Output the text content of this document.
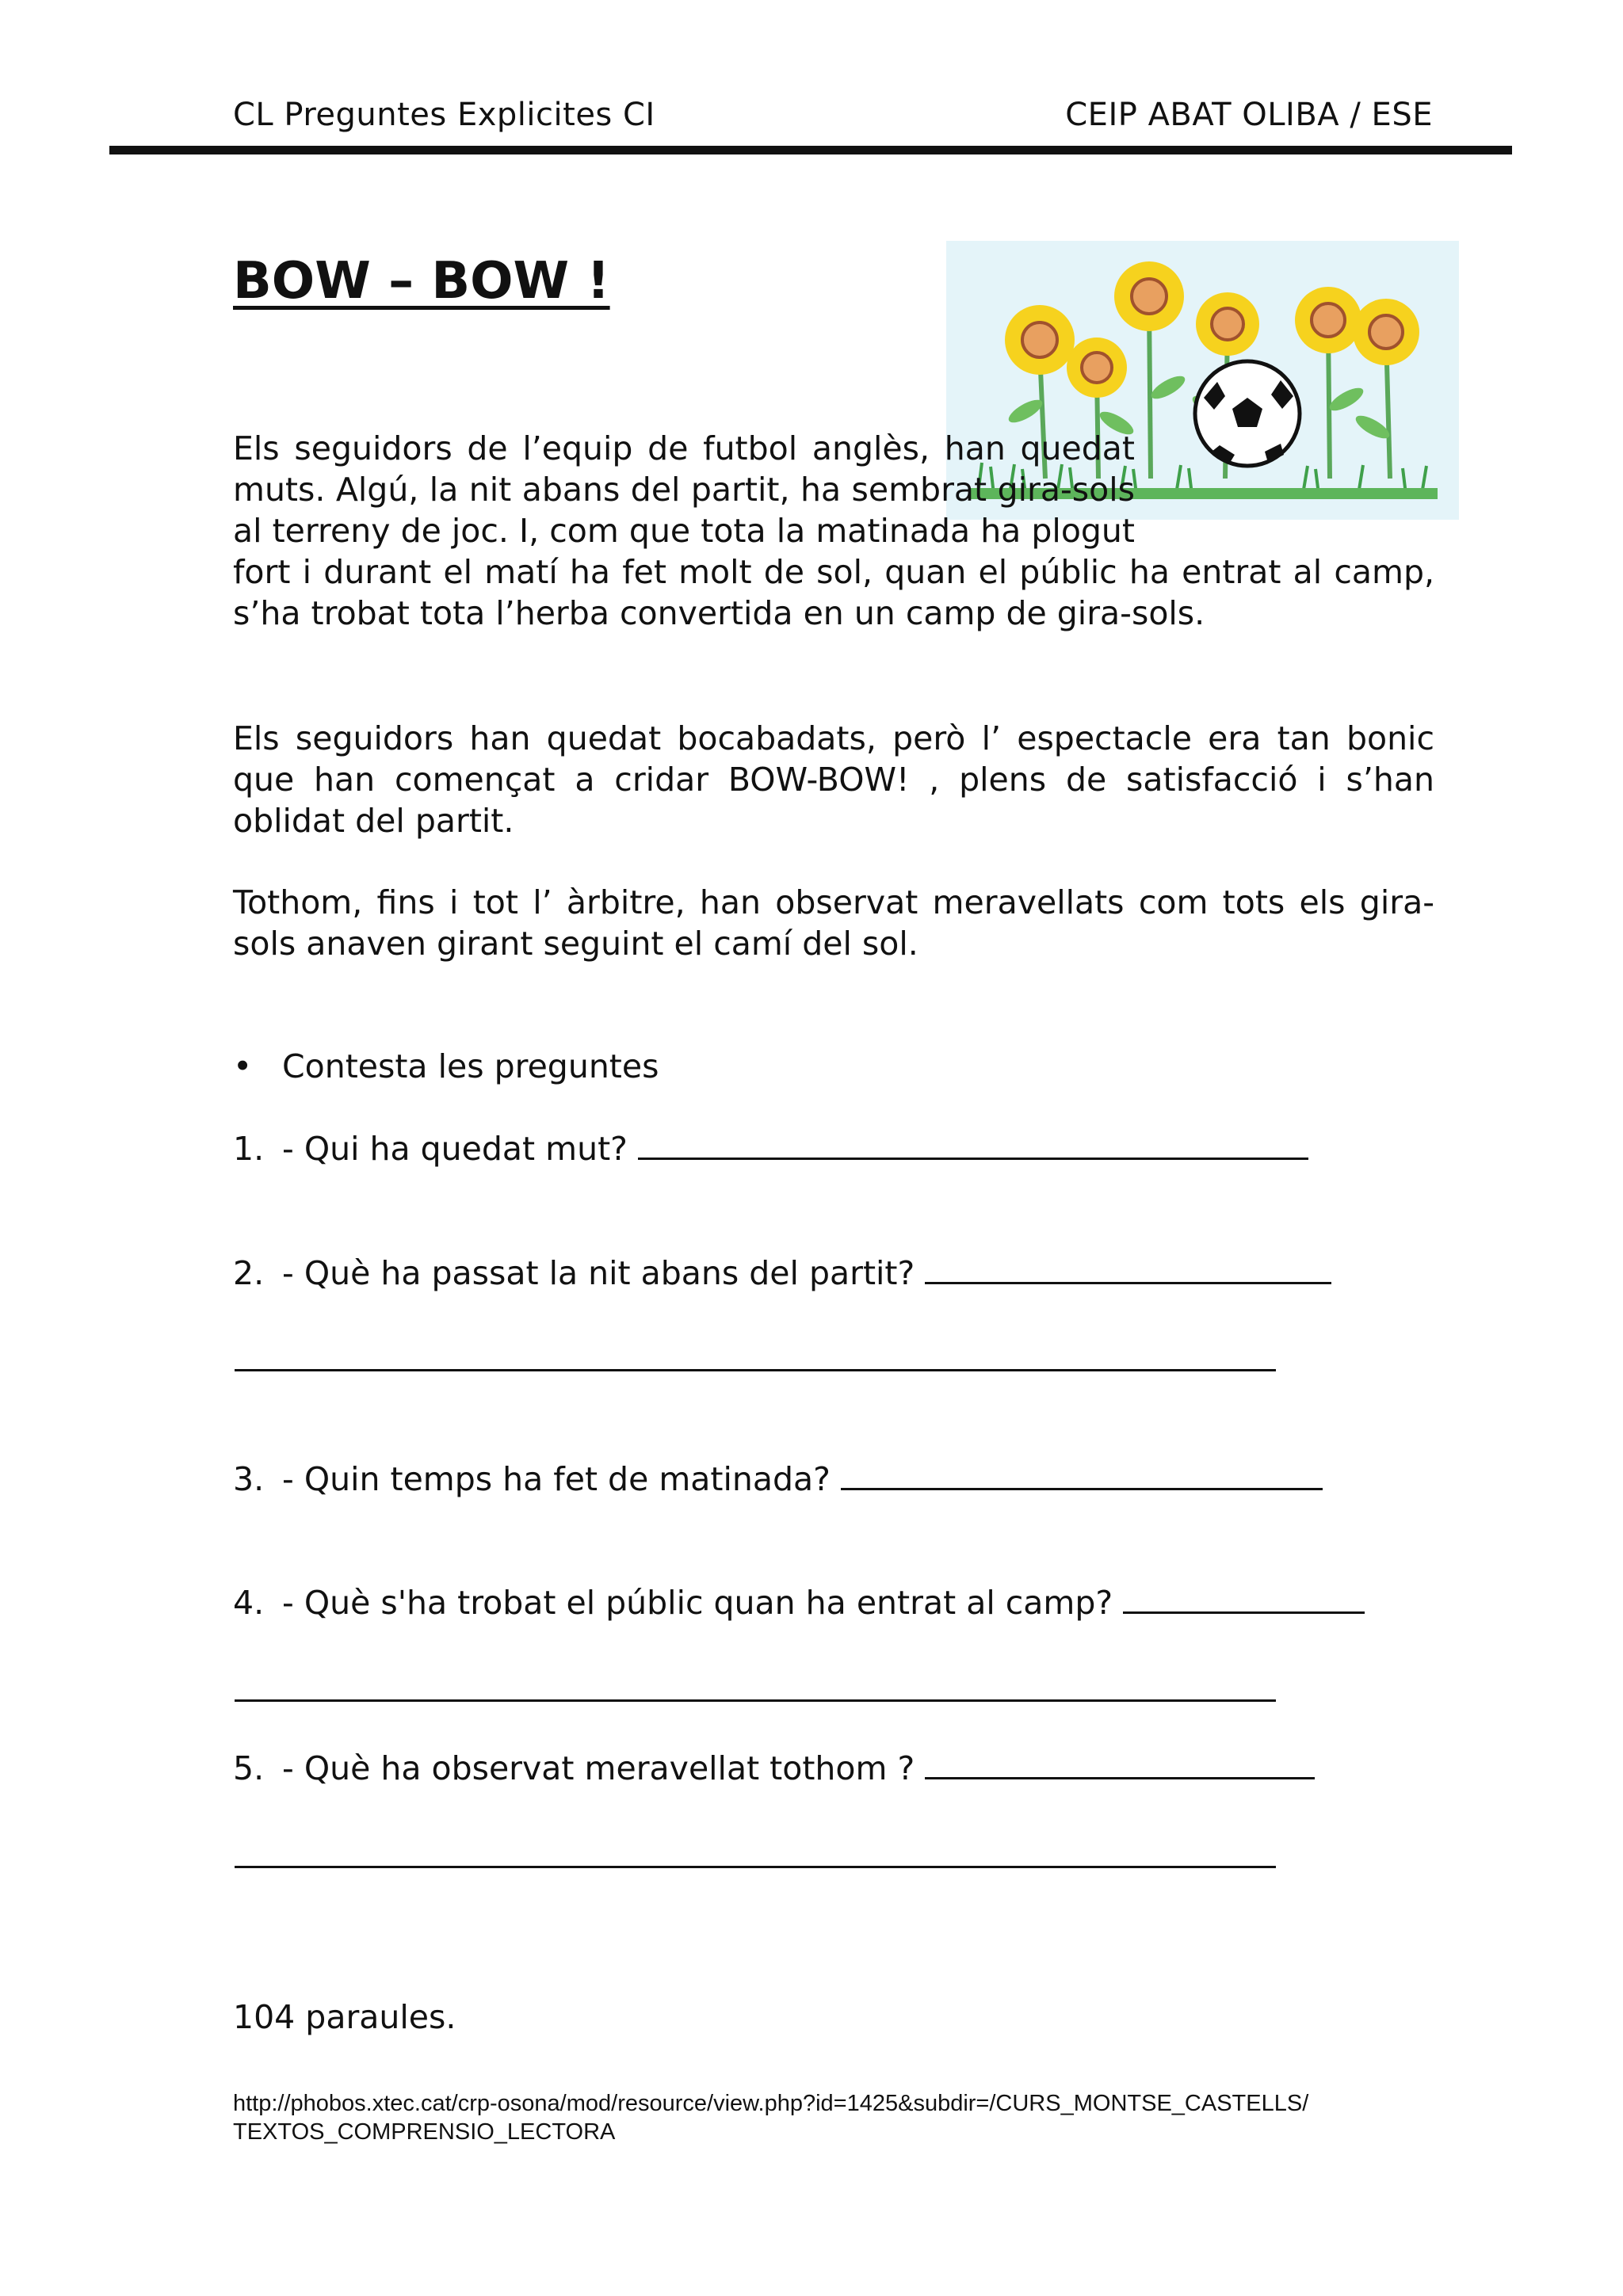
CL Preguntes Explicites CI	CEIP ABAT OLIBA / ESE
BOW – BOW !

Els seguidors de l’equip de futbol anglès, han quedat muts. Algú, la nit abans del partit, ha sembrat gira-sols al terreny de joc. I, com que tota la matinada ha plogut fort i durant el matí ha fet molt de sol, quan el públic ha entrat al camp, s’ha trobat tota l’herba convertida en un camp de gira-sols.

Els seguidors han quedat bocabadats, però l’ espectacle era tan bonic que han començat a cridar BOW-BOW! , plens de satisfacció i s’han oblidat del partit.

Tothom, fins i tot l’ àrbitre, han observat meravellats com tots els gira-sols anaven girant seguint el camí del sol.

• Contesta les preguntes
1. - Qui ha quedat mut?
2. - Què ha passat la nit abans del partit?
3. - Quin temps ha fet de matinada?
4. - Què s'ha trobat el públic quan ha entrat al camp?
5. - Què ha observat meravellat tothom ?
104 paraules.
http://phobos.xtec.cat/crp-osona/mod/resource/view.php?id=1425&subdir=/CURS_MONTSE_CASTELLS/
TEXTOS_COMPRENSIO_LECTORA
